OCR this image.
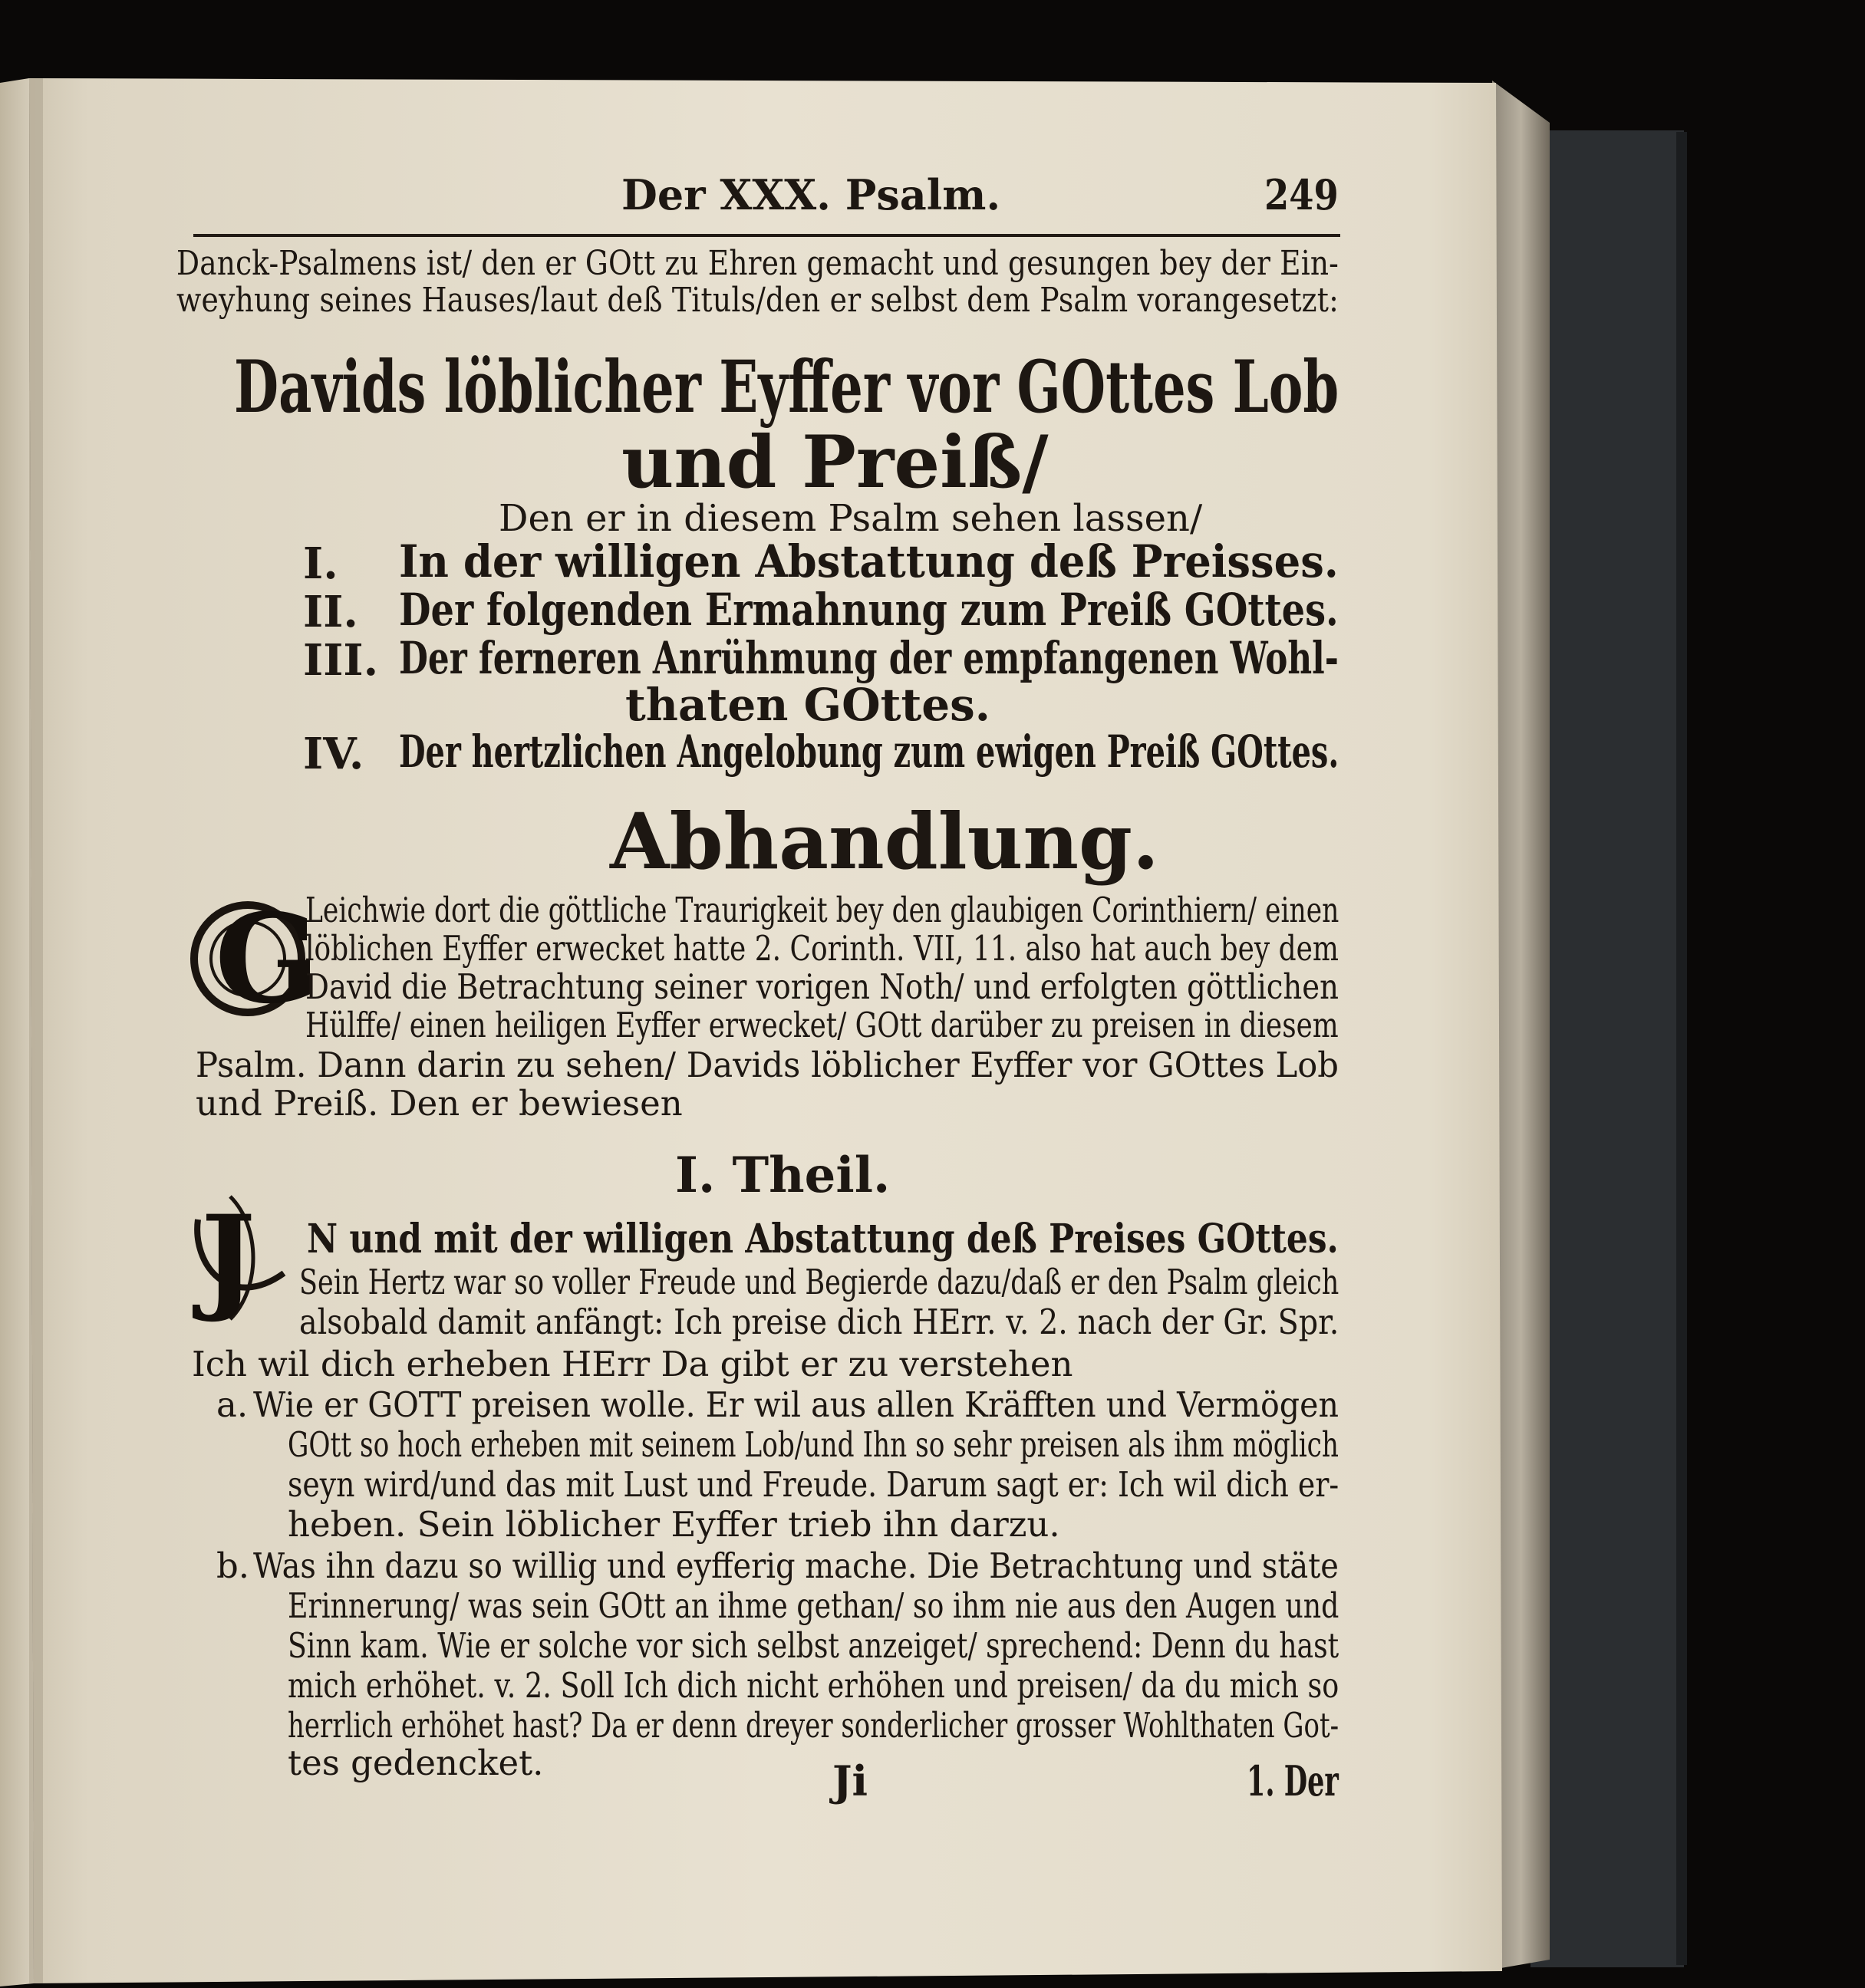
Der XXX. Psalm.	249
Danck-Psalmens ist/ den er GOtt zu Ehren gemacht und gesungen bey der Ein-
weyhung seines Hauses/laut deß Tituls/den er selbst dem Psalm vorangesetzt:
Davids löblicher Eyffer vor GOttes Lob
und Preiß/
Den er in diesem Psalm sehen lassen/
I. In der willigen Abstattung deß Preisses.
II. Der folgenden Ermahnung zum Preiß GOttes.
III. Der ferneren Anrühmung der empfangenen Wohl-
thaten GOttes.
IV. Der hertzlichen Angelobung zum ewigen Preiß GOttes.
Abhandlung.
G
Leichwie dort die göttliche Traurigkeit bey den glaubigen Corinthiern/ einen
löblichen Eyffer erwecket hatte 2. Corinth. VII, 11. also hat auch bey dem
David die Betrachtung seiner vorigen Noth/ und erfolgten göttlichen
Hülffe/ einen heiligen Eyffer erwecket/ GOtt darüber zu preisen in diesem
Psalm. Dann darin zu sehen/ Davids löblicher Eyffer vor GOttes Lob
und Preiß. Den er bewiesen
I. Theil.
J N und mit der willigen Abstattung deß Preises GOttes.
Sein Hertz war so voller Freude und Begierde dazu/daß er den Psalm gleich
alsobald damit anfängt: Ich preise dich HErr. v. 2. nach der Gr. Spr.
Ich wil dich erheben HErr Da gibt er zu verstehen
a. Wie er GOTT preisen wolle. Er wil aus allen Kräfften und Vermögen
GOtt so hoch erheben mit seinem Lob/und Ihn so sehr preisen als ihm möglich
seyn wird/und das mit Lust und Freude. Darum sagt er: Ich wil dich er-
heben. Sein löblicher Eyffer trieb ihn darzu.
b. Was ihn dazu so willig und eyfferig mache. Die Betrachtung und stäte
Erinnerung/ was sein GOtt an ihme gethan/ so ihm nie aus den Augen und
Sinn kam. Wie er solche vor sich selbst anzeiget/ sprechend: Denn du hast
mich erhöhet. v. 2. Soll Ich dich nicht erhöhen und preisen/ da du mich so
herrlich erhöhet hast? Da er denn dreyer sonderlicher grosser Wohlthaten Got-
tes gedencket.	Ji	1. Der
